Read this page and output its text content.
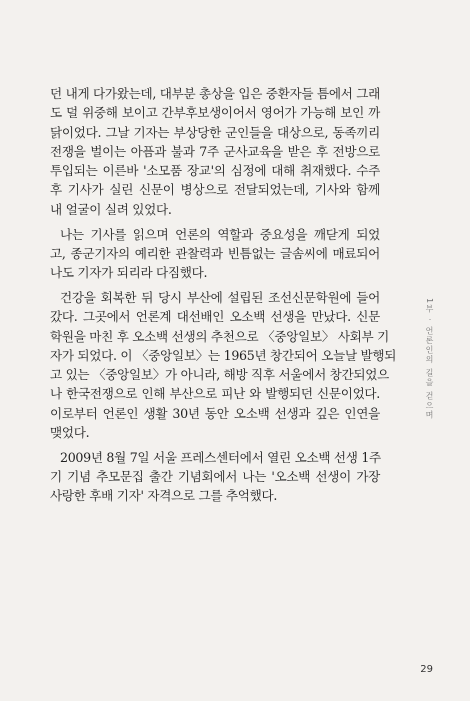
던 내게 다가왔는데, 대부분 총상을 입은 중환자들 틈에서 그래
도 덜 위중해 보이고 간부후보생이어서 영어가 가능해 보인 까
닭이었다. 그날 기자는 부상당한 군인들을 대상으로, 동족끼리
전쟁을 벌이는 아픔과 불과 7주 군사교육을 받은 후 전방으로
투입되는 이른바 '소모품 장교'의 심정에 대해 취재했다. 수주
후 기사가 실린 신문이 병상으로 전달되었는데, 기사와 함께
내 얼굴이 실려 있었다.
나는 기사를 읽으며 언론의 역할과 중요성을 깨닫게 되었
고, 종군기자의 예리한 관찰력과 빈틈없는 글솜씨에 매료되어
나도 기자가 되리라 다짐했다.
건강을 회복한 뒤 당시 부산에 설립된 조선신문학원에 들어
갔다. 그곳에서 언론계 대선배인 오소백 선생을 만났다. 신문
학원을 마친 후 오소백 선생의 추천으로 〈중앙일보〉 사회부 기
자가 되었다. 이 〈중앙일보〉는 1965년 창간되어 오늘날 발행되
고 있는 〈중앙일보〉가 아니라, 해방 직후 서울에서 창간되었으
나 한국전쟁으로 인해 부산으로 피난 와 발행되던 신문이었다.
이로부터 언론인 생활 30년 동안 오소백 선생과 깊은 인연을
맺었다.
2009년 8월 7일 서울 프레스센터에서 열린 오소백 선생 1주
기 기념 추모문집 출간 기념회에서 나는 '오소백 선생이 가장
사랑한 후배 기자' 자격으로 그를 추억했다.
1부 · 언론인의 길을 걷으며
29
